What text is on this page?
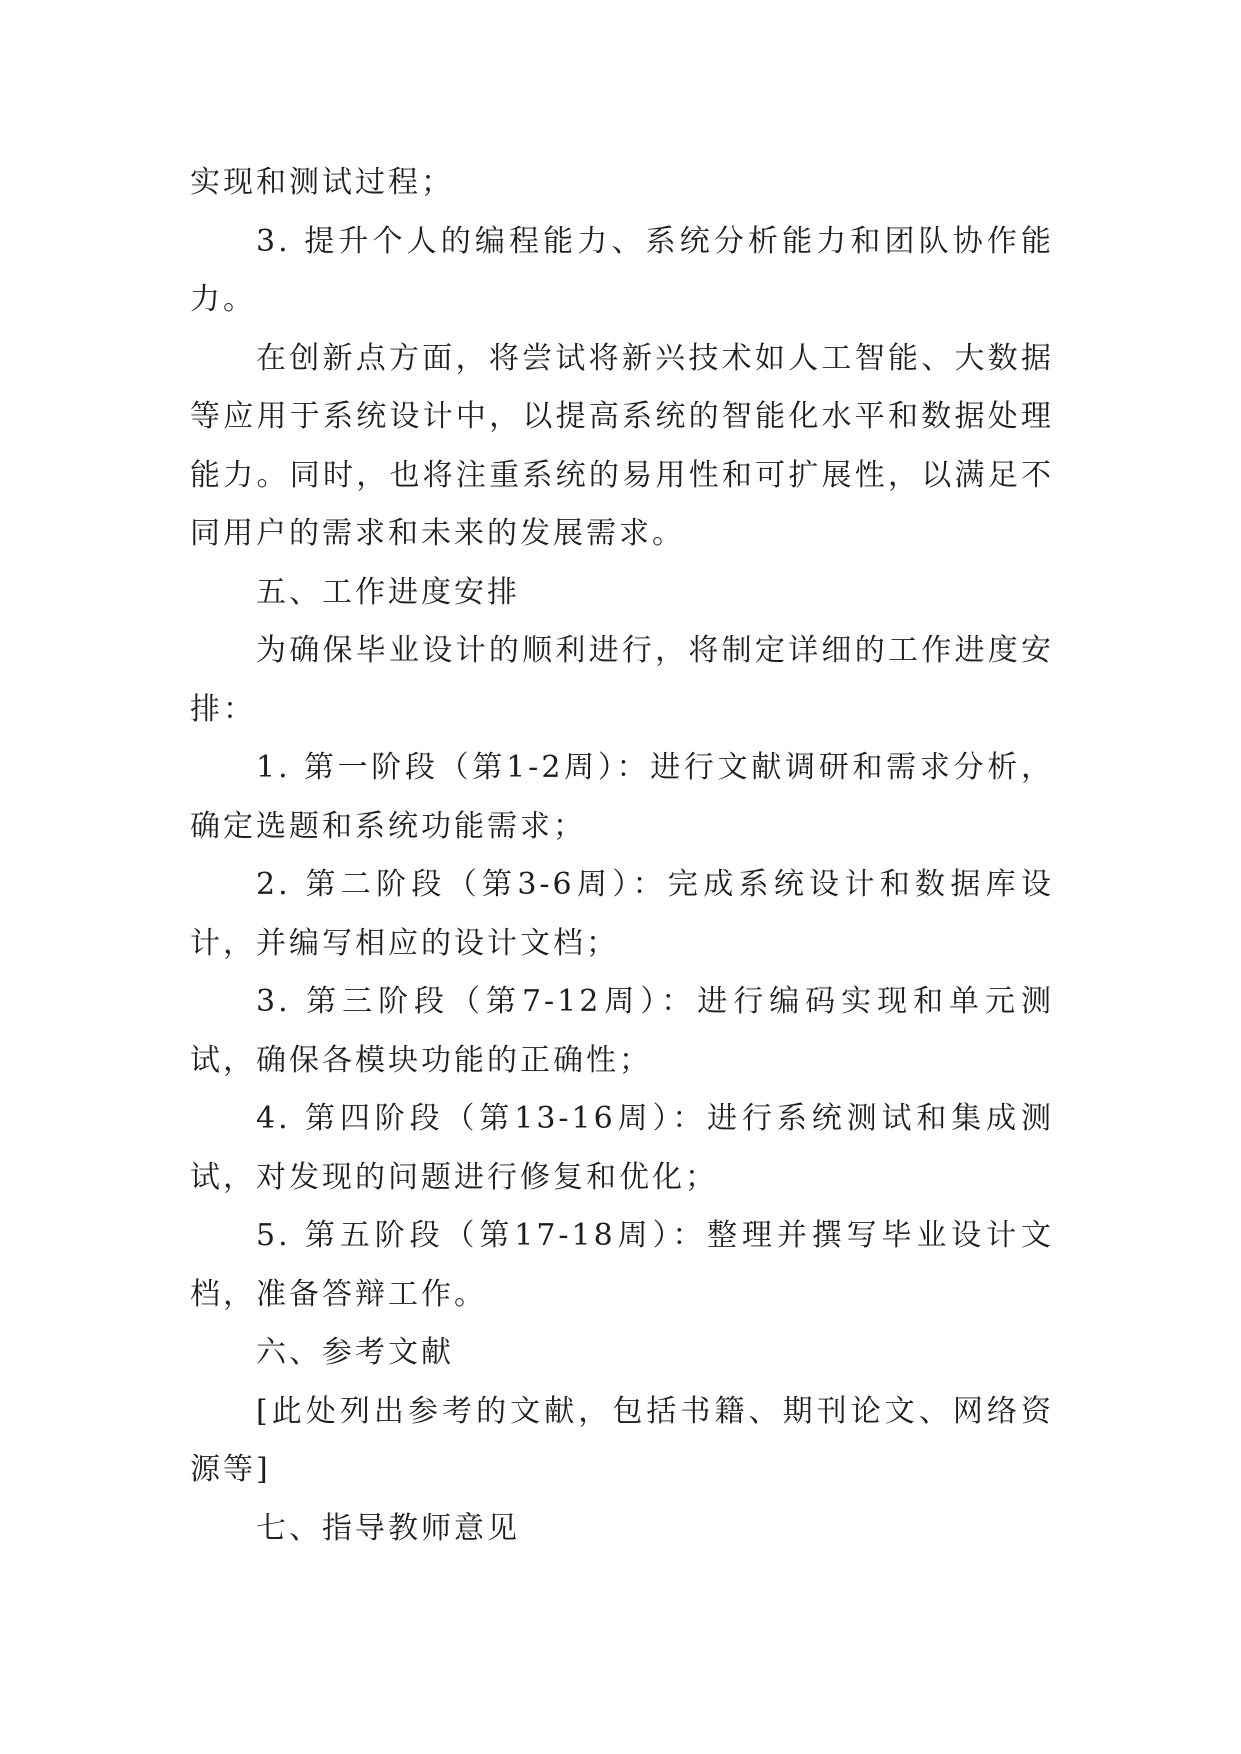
实现和测试过程；

3. 提升个人的编程能力、系统分析能力和团队协作能力。

在创新点方面，将尝试将新兴技术如人工智能、大数据等应用于系统设计中，以提高系统的智能化水平和数据处理能力。同时，也将注重系统的易用性和可扩展性，以满足不同用户的需求和未来的发展需求。

五、工作进度安排

为确保毕业设计的顺利进行，将制定详细的工作进度安排：

1. 第一阶段（第1-2周）：进行文献调研和需求分析，确定选题和系统功能需求；

2. 第二阶段（第3-6周）：完成系统设计和数据库设计，并编写相应的设计文档；

3. 第三阶段（第7-12周）：进行编码实现和单元测试，确保各模块功能的正确性；

4. 第四阶段（第13-16周）：进行系统测试和集成测试，对发现的问题进行修复和优化；

5. 第五阶段（第17-18周）：整理并撰写毕业设计文档，准备答辩工作。

六、参考文献

[此处列出参考的文献，包括书籍、期刊论文、网络资源等]

七、指导教师意见
